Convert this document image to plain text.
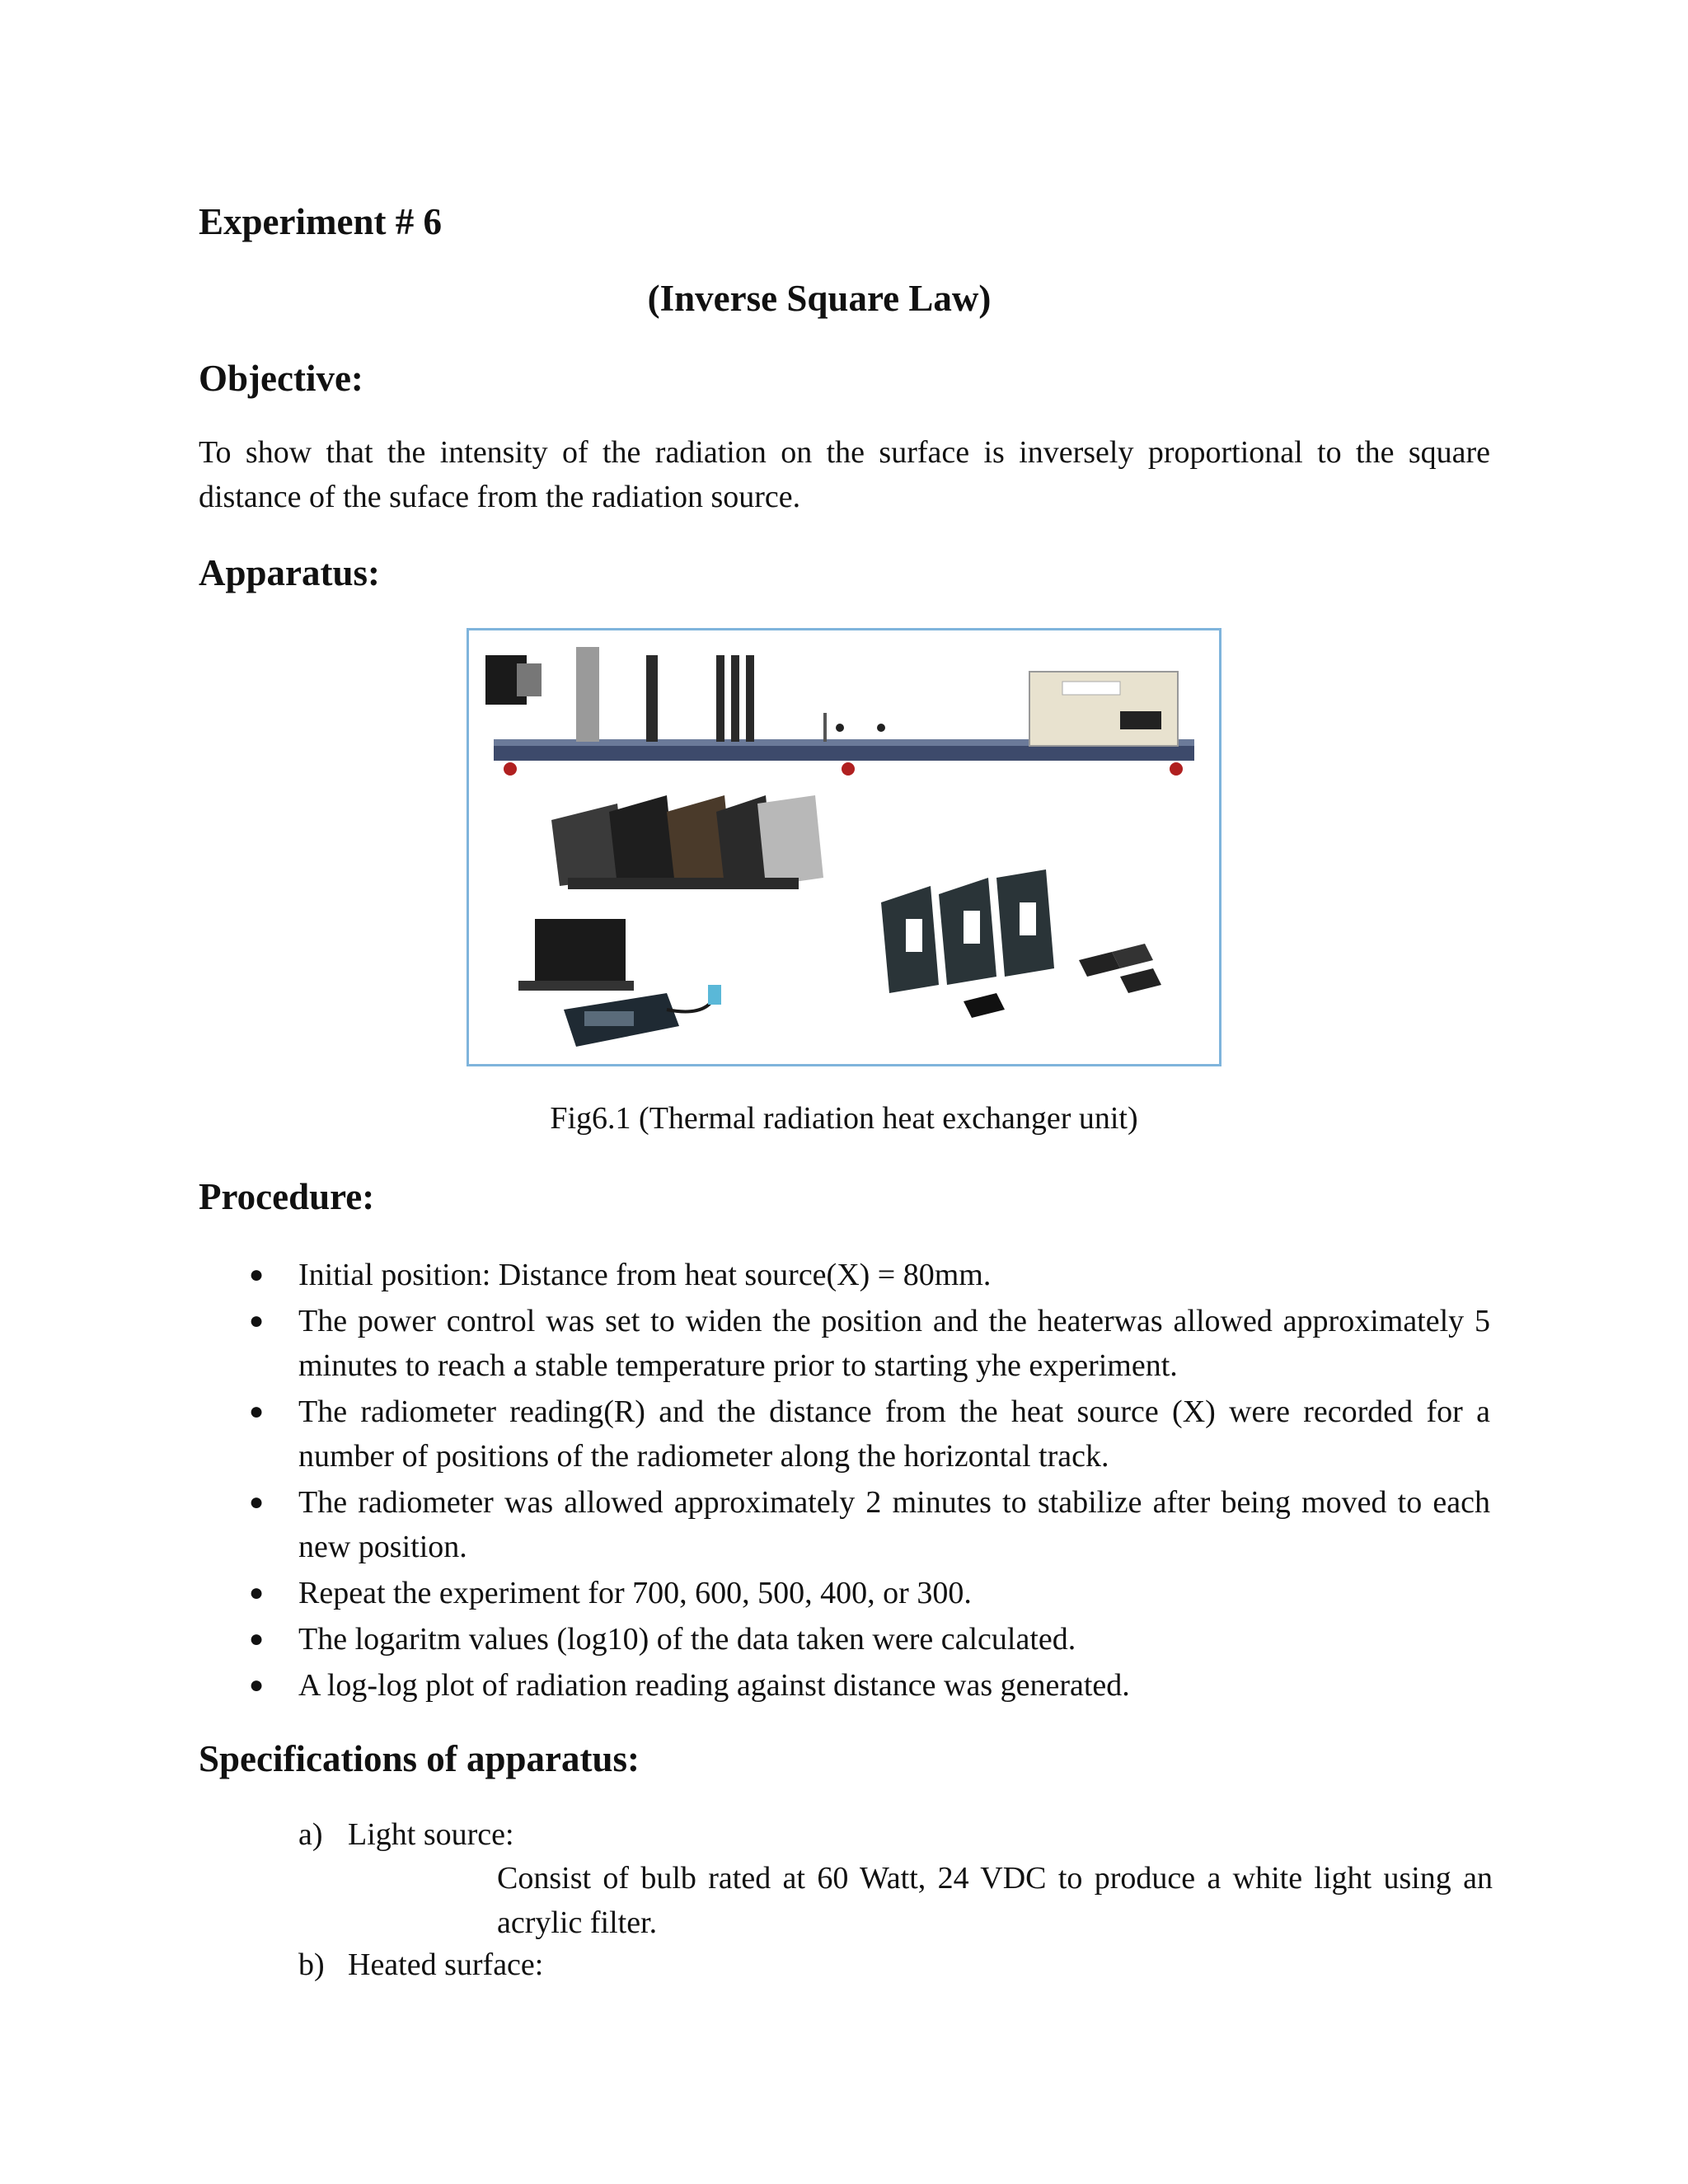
Experiment # 6
(Inverse Square Law)
Objective:

To show that the intensity of the radiation on the surface is inversely proportional to the square distance of the suface from the radiation source.

Apparatus:

Fig6.1 (Thermal radiation heat exchanger unit)

Procedure:
● Initial position: Distance from heat source(X) = 80mm.
● The power control was set to widen the position and the heaterwas allowed approximately 5 minutes to reach a stable temperature prior to starting yhe experiment.
● The radiometer reading(R) and the distance from the heat source (X) were recorded for a number of positions of the radiometer along the horizontal track.
● The radiometer was allowed approximately 2 minutes to stabilize after being moved to each new position.
● Repeat the experiment for 700, 600, 500, 400, or 300.
● The logaritm values (log10) of the data taken were calculated.
● A log-log plot of radiation reading against distance was generated.
Specifications of apparatus:
a) Light source:

Consist of bulb rated at 60 Watt, 24 VDC to produce a white light using an acrylic filter.

b) Heated surface:
